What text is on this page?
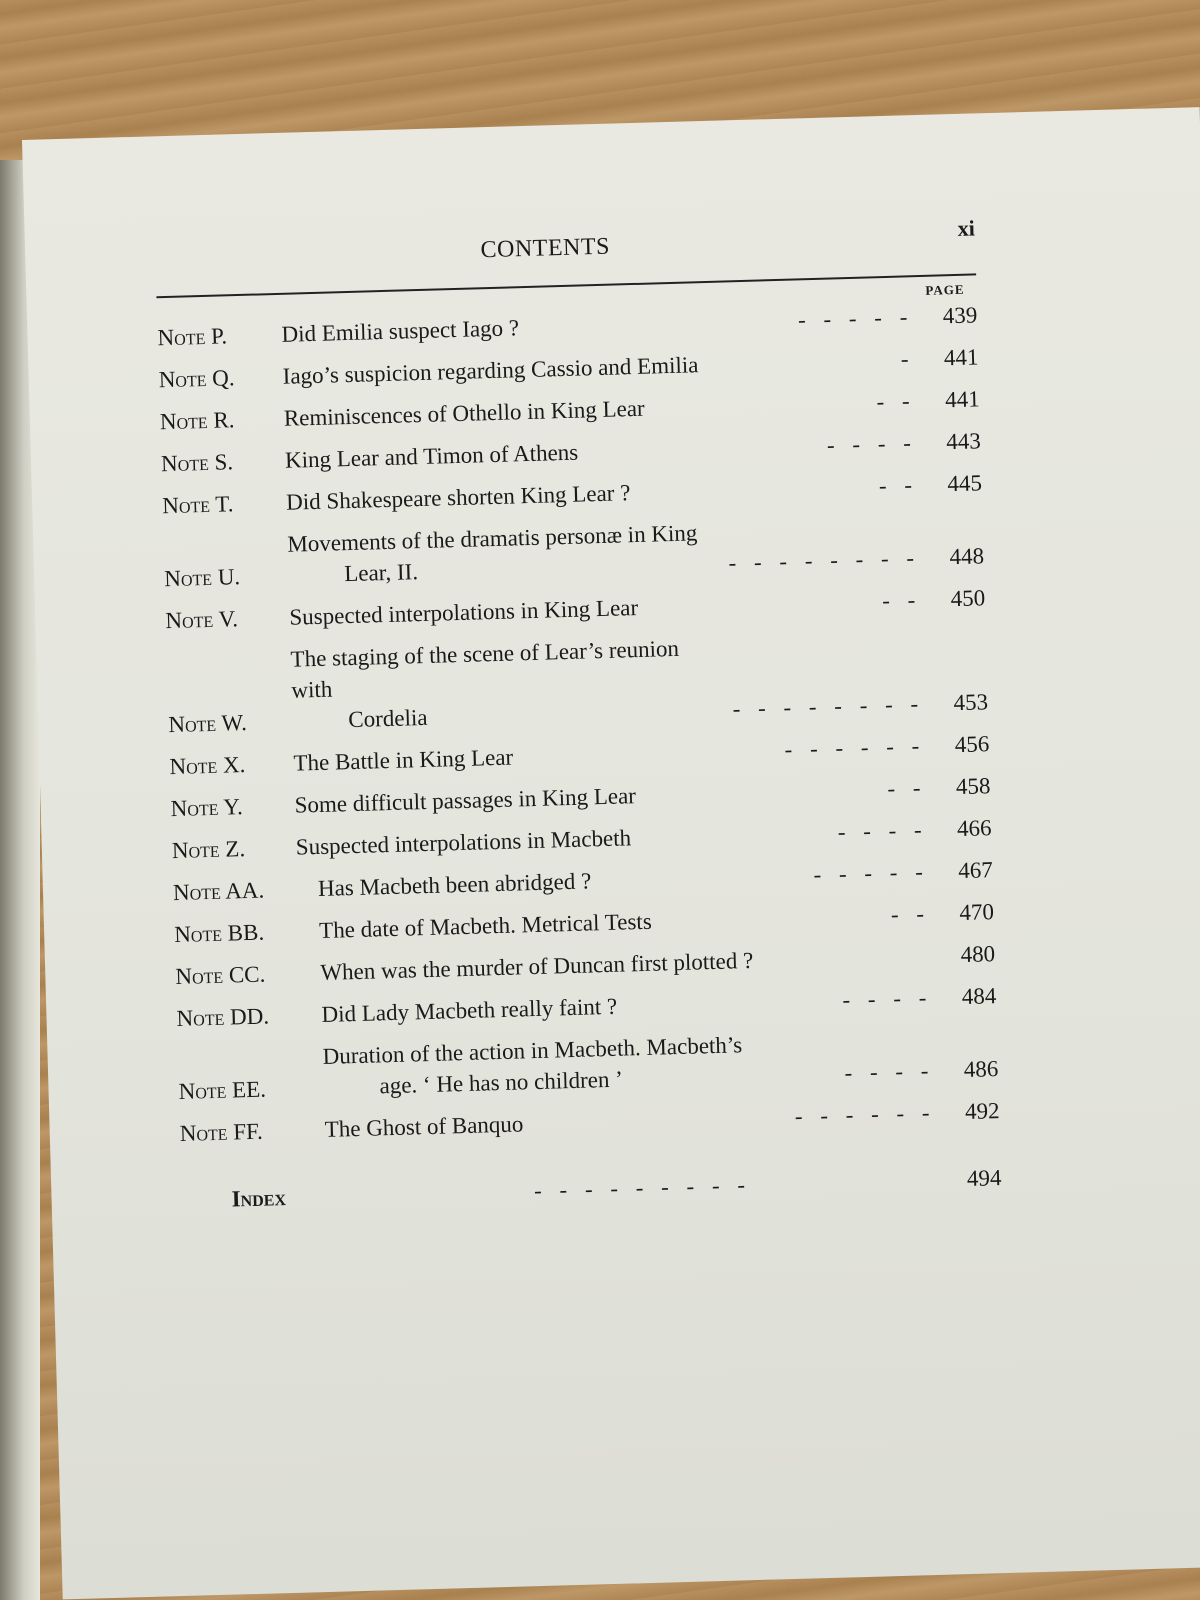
CONTENTS
xi
PAGE
Note P.	Did Emilia suspect Iago ?	- - - - -	439
Note Q.	Iago’s suspicion regarding Cassio and Emilia	-	441
Note R.	Reminiscences of Othello in King Lear	- -	441
Note S.	King Lear and Timon of Athens	- - - -	443
Note T.	Did Shakespeare shorten King Lear ?	- -	445
Note U.
Movements of the dramatis personæ in King
Lear, II.	- - - - - - - -	448
Note V.	Suspected interpolations in King Lear	- -	450
Note W.
The staging of the scene of Lear’s reunion with
Cordelia	- - - - - - - -	453
Note X.	The Battle in King Lear	- - - - - -	456
Note Y.	Some difficult passages in King Lear	- -	458
Note Z.	Suspected interpolations in Macbeth	- - - -	466
Note AA.	Has Macbeth been abridged ?	- - - - -	467
Note BB.	The date of Macbeth. Metrical Tests	- -	470
Note CC.	When was the murder of Duncan first plotted ?	480
Note DD.	Did Lady Macbeth really faint ?	- - - -	484
Note EE.
Duration of the action in Macbeth. Macbeth’s
age. ‘ He has no children ’	- - - -	486
Note FF.	The Ghost of Banquo	- - - - - -	492
Index	- - - - - - - - -	494
